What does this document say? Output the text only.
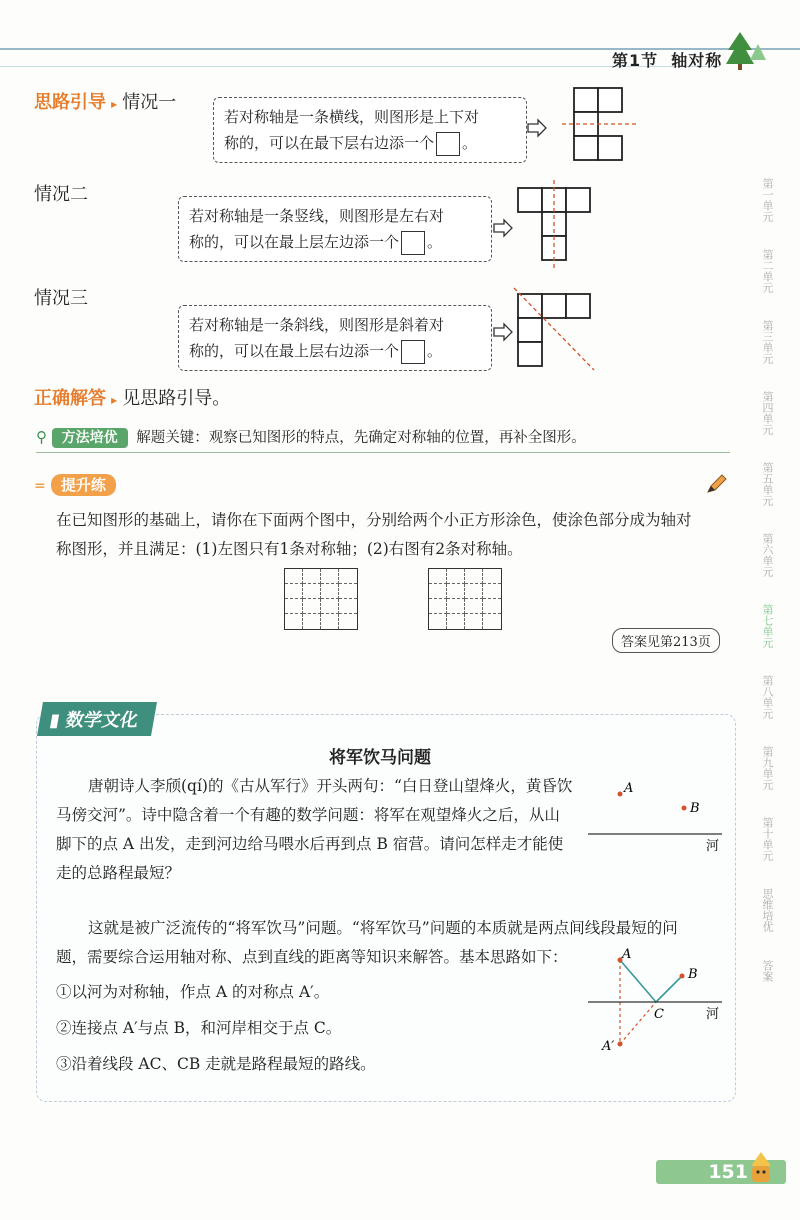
第1节 轴对称
第一单元
第二单元
第三单元
第四单元
第五单元
第六单元
第七单元
第八单元
第九单元
第十单元
思维培优
答案
思路引导 ▸ 情况一
若对称轴是一条横线，则图形是上下对
称的，可以在最下层右边添一个 。
情况二
若对称轴是一条竖线，则图形是左右对
称的，可以在最上层左边添一个 。
情况三
若对称轴是一条斜线，则图形是斜着对
称的，可以在最上层右边添一个 。
正确解答 ▸ 见思路引导。
⚲ 方法培优 解题关键：观察已知图形的特点，先确定对称轴的位置，再补全图形。
= 提升练
在已知图形的基础上，请你在下面两个图中，分别给两个小正方形涂色，使涂色部分成为轴对
称图形，并且满足：(1)左图只有1条对称轴；(2)右图有2条对称轴。
答案见第213页
▮ 数学文化
将军饮马问题
唐朝诗人李颀(qí)的《古从军行》开头两句：“白日登山望烽火，黄昏饮
马傍交河”。诗中隐含着一个有趣的数学问题：将军在观望烽火之后，从山
脚下的点 A 出发，走到河边给马喂水后再到点 B 宿营。请问怎样走才能使
走的总路程最短？
A
B
河
这就是被广泛流传的“将军饮马”问题。“将军饮马”问题的本质就是两点间线段最短的问
题，需要综合运用轴对称、点到直线的距离等知识来解答。基本思路如下：
①以河为对称轴，作点 A 的对称点 A′。
②连接点 A′与点 B，和河岸相交于点 C。
③沿着线段 AC、CB 走就是路程最短的路线。
A
B
C
A′
河
151
